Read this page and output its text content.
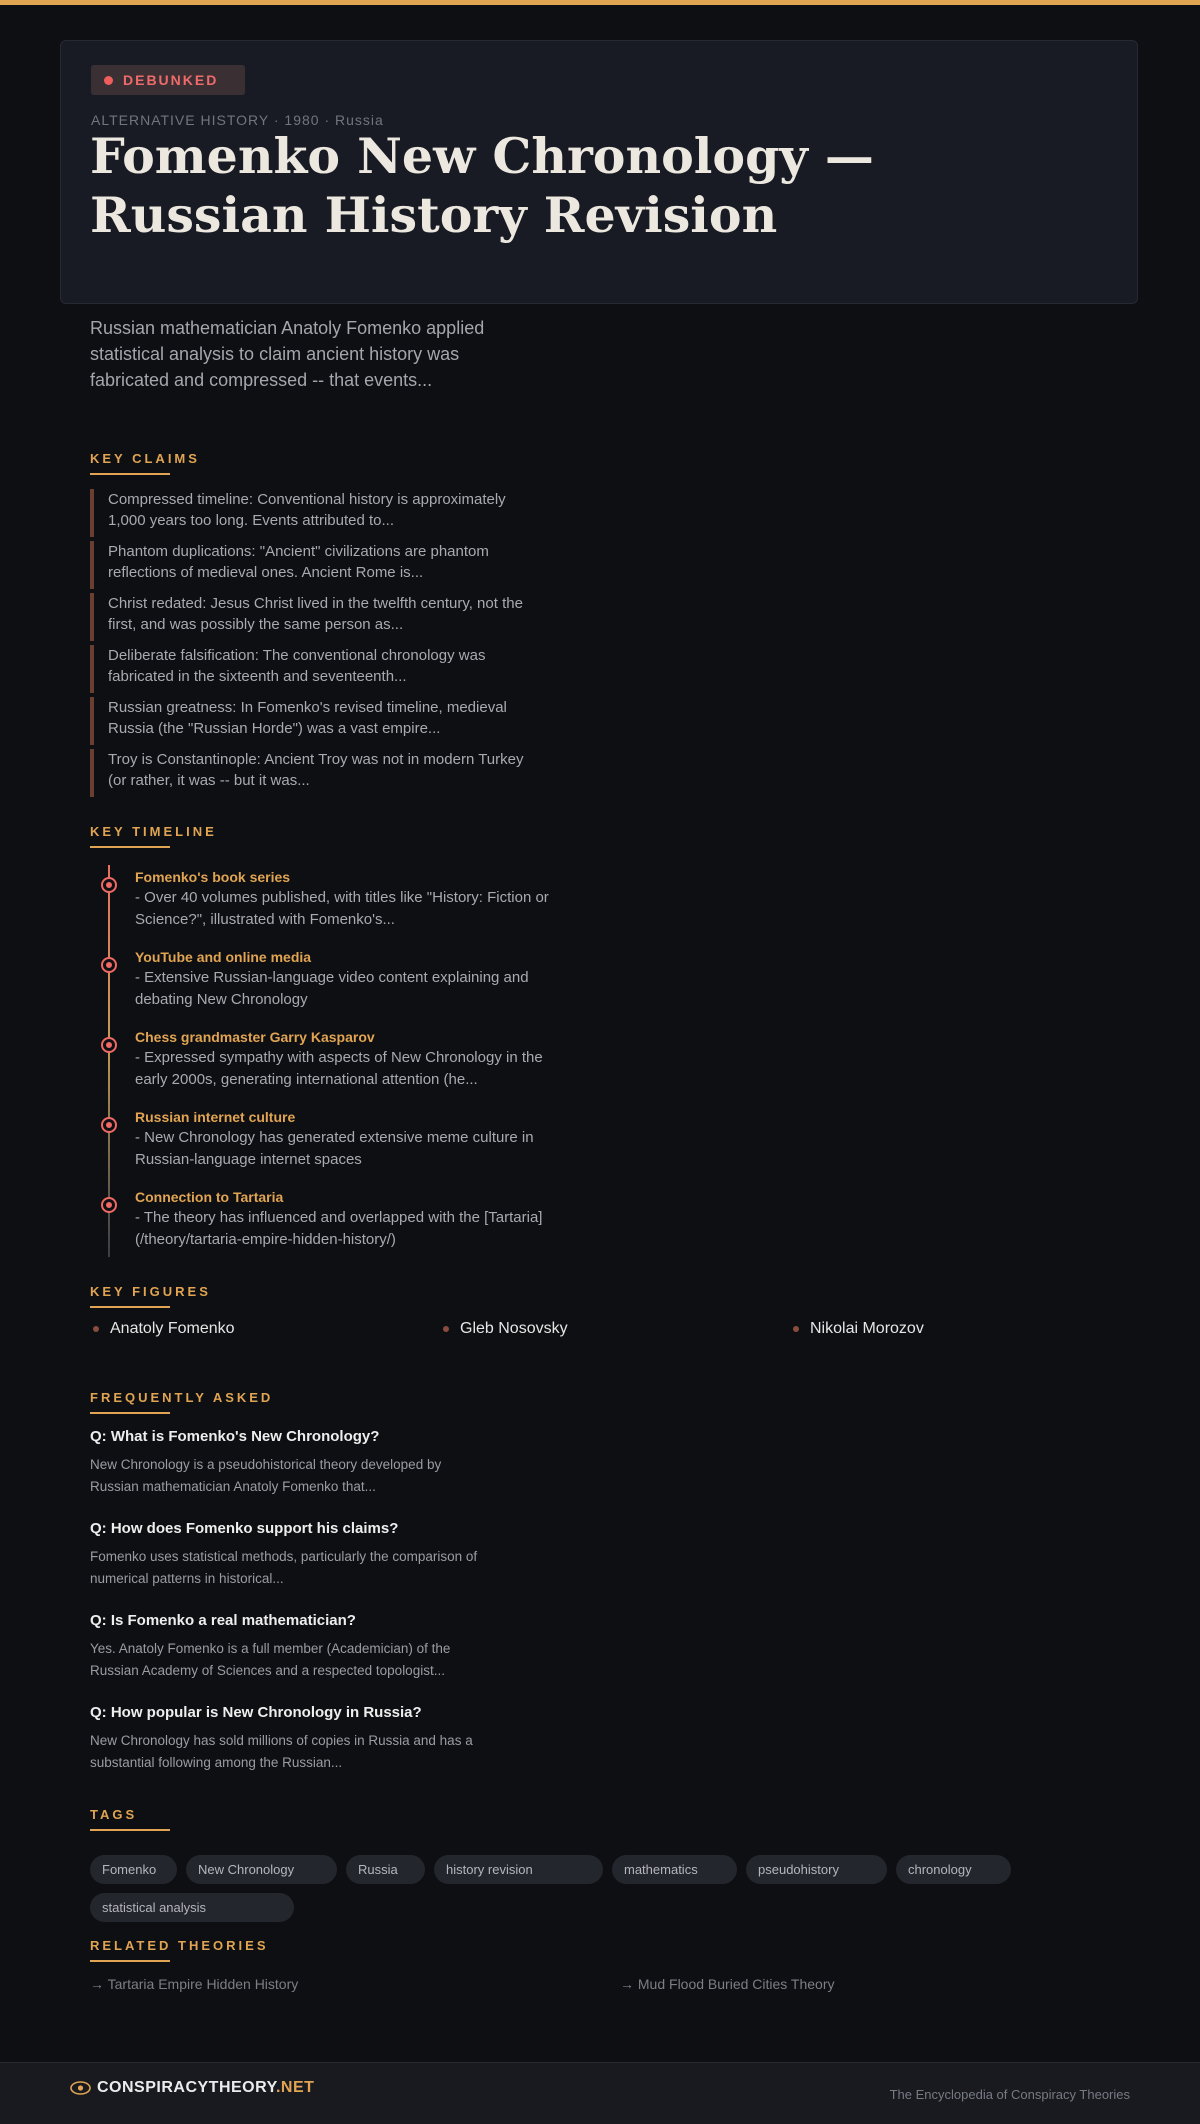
DEBUNKED
ALTERNATIVE HISTORY · 1980 · Russia
Fomenko New Chronology — Russian History Revision

Russian mathematician Anatoly Fomenko applied statistical analysis to claim ancient history was fabricated and compressed -- that events...

KEY CLAIMS
Compressed timeline: Conventional history is approximately 1,000 years too long. Events attributed to...
Phantom duplications: "Ancient" civilizations are phantom reflections of medieval ones. Ancient Rome is...
Christ redated: Jesus Christ lived in the twelfth century, not the first, and was possibly the same person as...
Deliberate falsification: The conventional chronology was fabricated in the sixteenth and seventeenth...
Russian greatness: In Fomenko's revised timeline, medieval Russia (the "Russian Horde") was a vast empire...
Troy is Constantinople: Ancient Troy was not in modern Turkey (or rather, it was -- but it was...
KEY TIMELINE
Fomenko's book series
- Over 40 volumes published, with titles like "History: Fiction or Science?", illustrated with Fomenko's...
YouTube and online media
- Extensive Russian-language video content explaining and debating New Chronology
Chess grandmaster Garry Kasparov
- Expressed sympathy with aspects of New Chronology in the early 2000s, generating international attention (he...
Russian internet culture
- New Chronology has generated extensive meme culture in Russian-language internet spaces
Connection to Tartaria
- The theory has influenced and overlapped with the [Tartaria](/theory/tartaria-empire-hidden-history/)
KEY FIGURES
Anatoly Fomenko	Gleb Nosovsky	Nikolai Morozov
FREQUENTLY ASKED
Q: What is Fomenko's New Chronology?
New Chronology is a pseudohistorical theory developed by Russian mathematician Anatoly Fomenko that...
Q: How does Fomenko support his claims?
Fomenko uses statistical methods, particularly the comparison of numerical patterns in historical...
Q: Is Fomenko a real mathematician?
Yes. Anatoly Fomenko is a full member (Academician) of the Russian Academy of Sciences and a respected topologist...
Q: How popular is New Chronology in Russia?
New Chronology has sold millions of copies in Russia and has a substantial following among the Russian...
TAGS
Fomenko	New Chronology	Russia	history revision	mathematics	pseudohistory	chronology
statistical analysis
RELATED THEORIES
→ Tartaria Empire Hidden History	→ Mud Flood Buried Cities Theory
CONSPIRACYTHEORY.NET	The Encyclopedia of Conspiracy Theories
